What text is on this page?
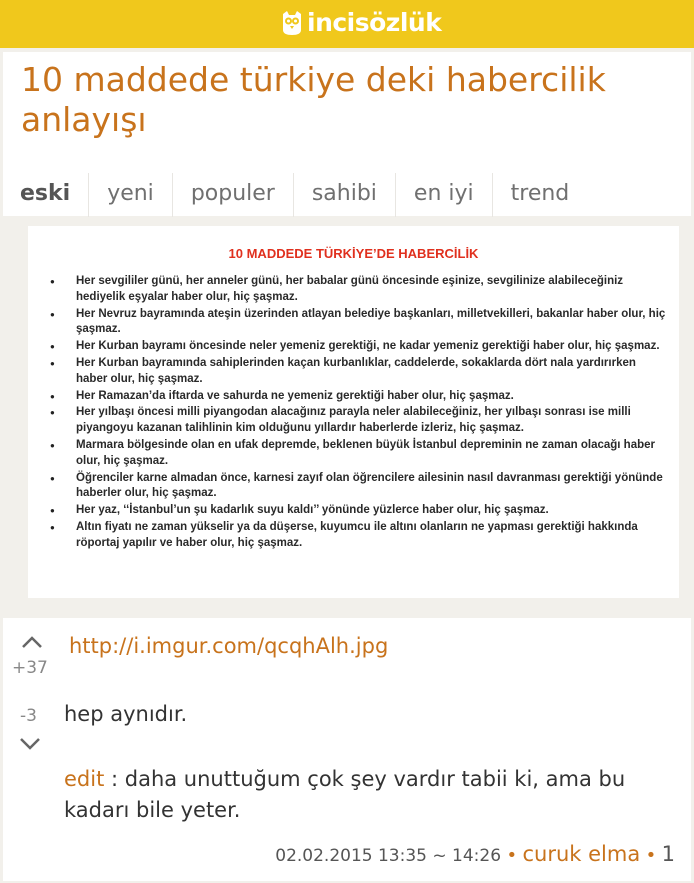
incisözlük
10 maddede türkiye deki habercilik anlayışı
eski	yeni	populer	sahibi	en iyi	trend
10 MADDEDE TÜRKİYE’DE HABERCİLİK
● Her sevgililer günü, her anneler günü, her babalar günü öncesinde eşinize, sevgilinize alabileceğiniz hediyelik eşyalar haber olur, hiç şaşmaz.
● Her Nevruz bayramında ateşin üzerinden atlayan belediye başkanları, milletvekilleri, bakanlar haber olur, hiç şaşmaz.
● Her Kurban bayramı öncesinde neler yemeniz gerektiği, ne kadar yemeniz gerektiği haber olur, hiç şaşmaz.
● Her Kurban bayramında sahiplerinden kaçan kurbanlıklar, caddelerde, sokaklarda dört nala yardırırken haber olur, hiç şaşmaz.
● Her Ramazan’da iftarda ve sahurda ne yemeniz gerektiği haber olur, hiç şaşmaz.
● Her yılbaşı öncesi milli piyangodan alacağınız parayla neler alabileceğiniz, her yılbaşı sonrası ise milli piyangoyu kazanan talihlinin kim olduğunu yıllardır haberlerde izleriz, hiç şaşmaz.
● Marmara bölgesinde olan en ufak depremde, beklenen büyük İstanbul depreminin ne zaman olacağı haber olur, hiç şaşmaz.
● Öğrenciler karne almadan önce, karnesi zayıf olan öğrencilere ailesinin nasıl davranması gerektiği yönünde haberler olur, hiç şaşmaz.
● Her yaz, ‘‘İstanbul’un şu kadarlık suyu kaldı’’ yönünde yüzlerce haber olur, hiç şaşmaz.
● Altın fiyatı ne zaman yükselir ya da düşerse, kuyumcu ile altını olanların ne yapması gerektiği hakkında röportaj yapılır ve haber olur, hiç şaşmaz.
+37
-3
http://i.imgur.com/qcqhAlh.jpg

hep aynıdır.

edit : daha unuttuğum çok şey vardır tabii ki, ama bu kadarı bile yeter.

02.02.2015 13:35 ~ 14:26 • curuk elma • 1
